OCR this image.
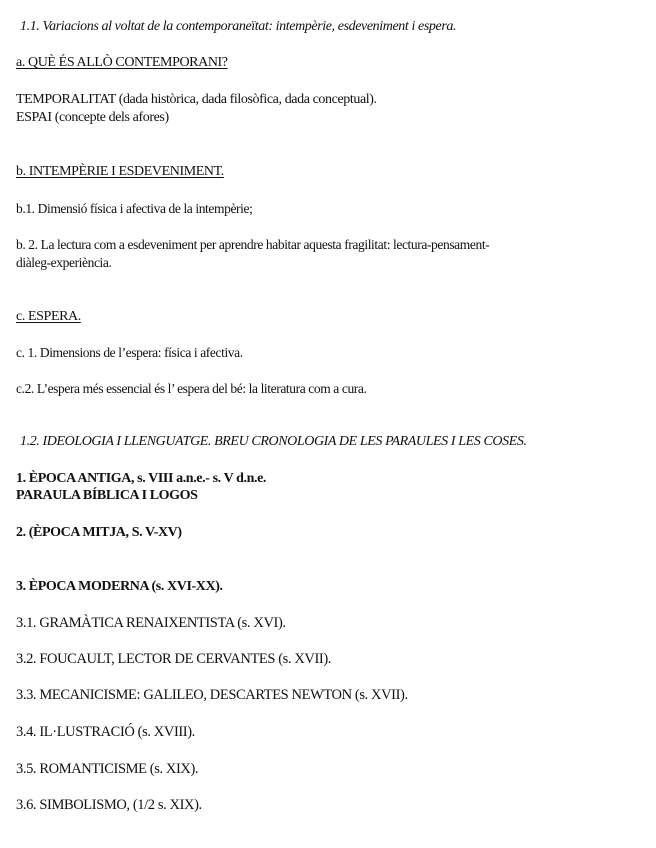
1.1. Variacions al voltat de la contemporaneïtat: intempèrie, esdeveniment i espera.
a. QUÈ ÉS ALLÒ CONTEMPORANI?
TEMPORALITAT (dada històrica, dada filosòfica, dada conceptual).
ESPAI (concepte dels afores)
b. INTEMPÈRIE I ESDEVENIMENT.
b.1. Dimensió física i afectiva de la intempèrie;
b. 2. La lectura com a esdeveniment per aprendre habitar aquesta fragilitat: lectura-pensament-
diàleg-experiència.
c. ESPERA.
c. 1. Dimensions de l’espera: física i afectiva.
c.2. L’espera més essencial és l’ espera del bé: la literatura com a cura.
1.2. IDEOLOGIA I LLENGUATGE. BREU CRONOLOGIA DE LES PARAULES I LES COSES.
1. ÈPOCA ANTIGA, s. VIII a.n.e.- s. V d.n.e.
PARAULA BÍBLICA I LOGOS
2. (ÈPOCA MITJA, S. V-XV)
3. ÈPOCA MODERNA (s. XVI-XX).
3.1. GRAMÀTICA RENAIXENTISTA (s. XVI).
3.2. FOUCAULT, LECTOR DE CERVANTES (s. XVII).
3.3. MECANICISME: GALILEO, DESCARTES NEWTON (s. XVII).
3.4. IL·LUSTRACIÓ (s. XVIII).
3.5. ROMANTICISME (s. XIX).
3.6. SIMBOLISMO, (1/2 s. XIX).
